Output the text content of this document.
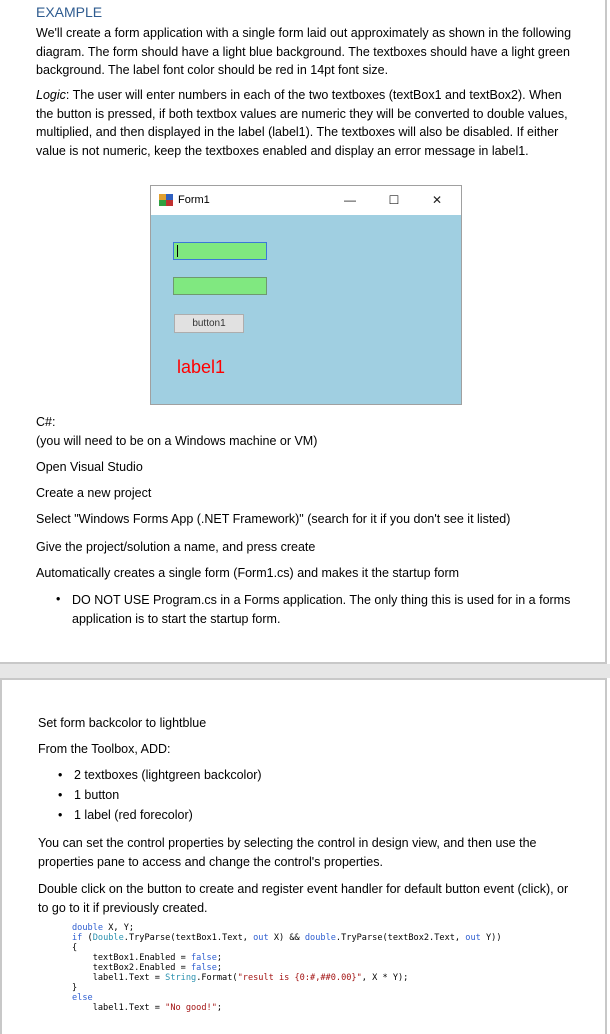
EXAMPLE
We'll create a form application with a single form laid out approximately as shown in the following diagram. The form should have a light blue background. The textboxes should have a light green background. The label font color should be red in 14pt font size.
Logic: The user will enter numbers in each of the two textboxes (textBox1 and textBox2). When the button is pressed, if both textbox values are numeric they will be converted to double values, multiplied, and then displayed in the label (label1). The textboxes will also be disabled. If either value is not numeric, keep the textboxes enabled and display an error message in label1.
Form1	—	☐	✕
button1
label1
C#:
(you will need to be on a Windows machine or VM)
Open Visual Studio
Create a new project
Select "Windows Forms App (.NET Framework)" (search for it if you don't see it listed)
Give the project/solution a name, and press create
Automatically creates a single form (Form1.cs) and makes it the startup form
• DO NOT USE Program.cs in a Forms application. The only thing this is used for in a forms application is to start the startup form.
Set form backcolor to lightblue
From the Toolbox, ADD:
• 2 textboxes (lightgreen backcolor)
• 1 button
• 1 label (red forecolor)
You can set the control properties by selecting the control in design view, and then use the properties pane to access and change the control's properties.
Double click on the button to create and register event handler for default button event (click), or to go to it if previously created.
double X, Y;
if (Double.TryParse(textBox1.Text, out X) && double.TryParse(textBox2.Text, out Y))
{
textBox1.Enabled = false;
textBox2.Enabled = false;
label1.Text = String.Format("result is {0:#,##0.00}", X * Y);
}
else
label1.Text = "No good!";
